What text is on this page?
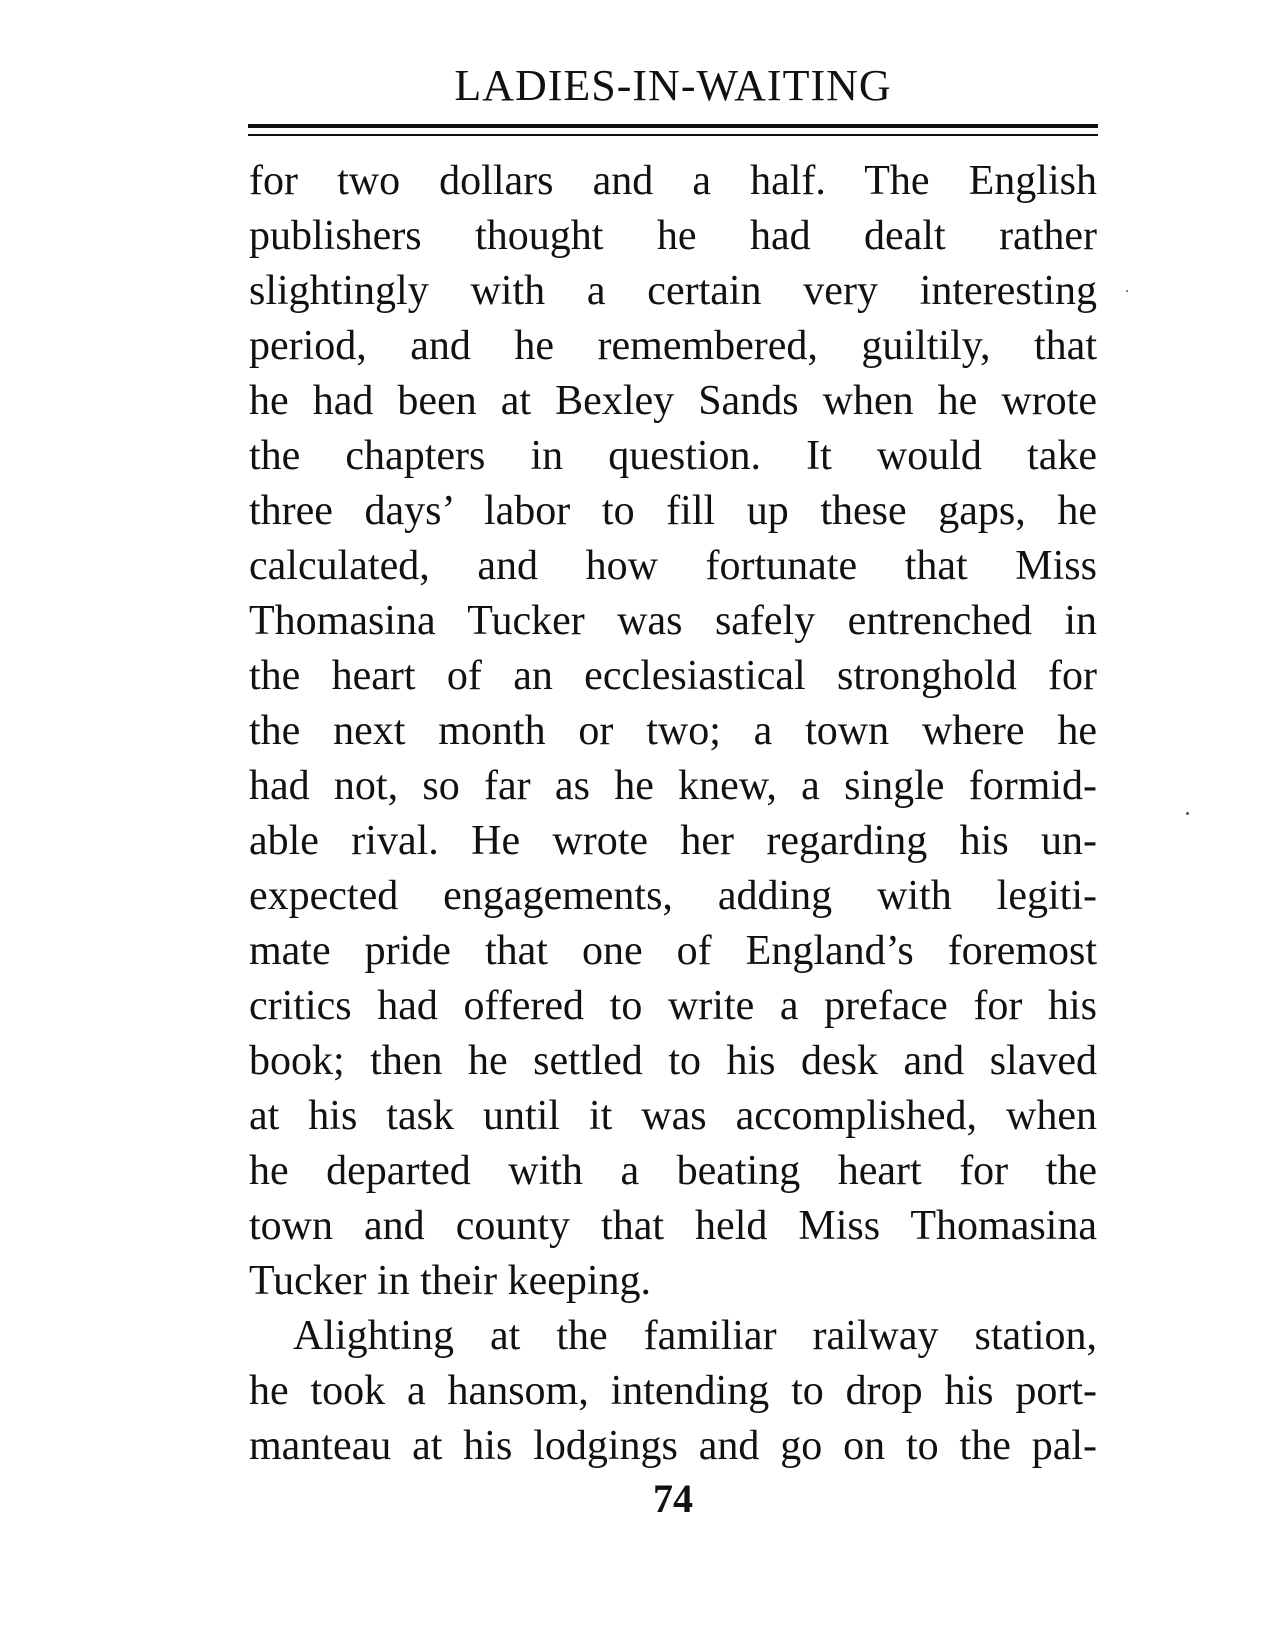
LADIES-IN-WAITING
for two dollars and a half. The English
publishers thought he had dealt rather
slightingly with a certain very interesting
period, and he remembered, guiltily, that
he had been at Bexley Sands when he wrote
the chapters in question. It would take
three days’ labor to fill up these gaps, he
calculated, and how fortunate that Miss
Thomasina Tucker was safely entrenched in
the heart of an ecclesiastical stronghold for
the next month or two; a town where he
had not, so far as he knew, a single formid-
able rival. He wrote her regarding his un-
expected engagements, adding with legiti-
mate pride that one of England’s foremost
critics had offered to write a preface for his
book; then he settled to his desk and slaved
at his task until it was accomplished, when
he departed with a beating heart for the
town and county that held Miss Thomasina
Tucker in their keeping.
Alighting at the familiar railway station,
he took a hansom, intending to drop his port-
manteau at his lodgings and go on to the pal-
74
